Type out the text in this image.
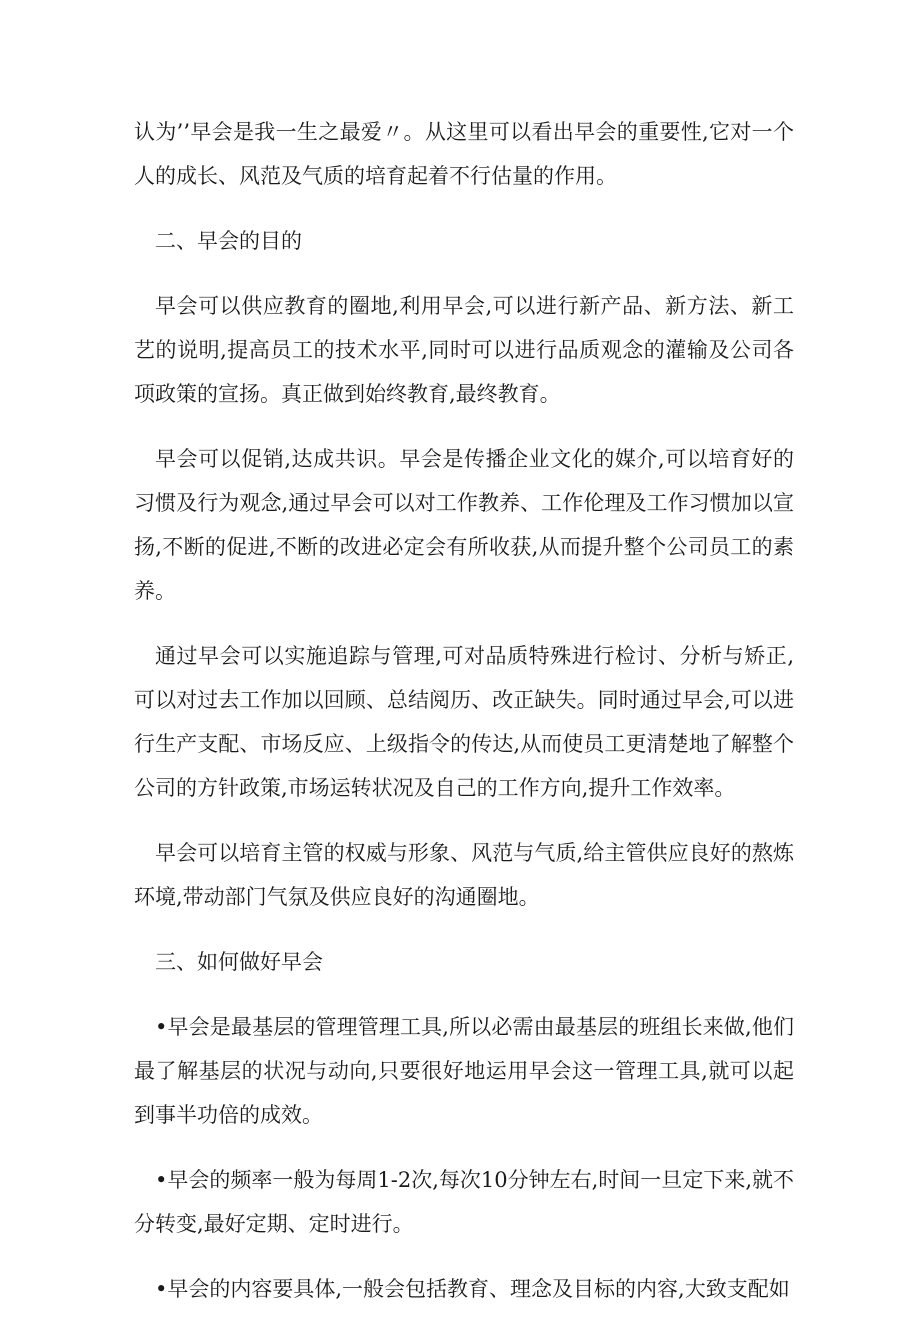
认为’’早会是我一生之最爱〃。从这里可以看出早会的重要性,它对一个人的成长、风范及气质的培育起着不行估量的作用。

二、早会的目的

早会可以供应教育的圈地,利用早会,可以进行新产品、新方法、新工艺的说明,提高员工的技术水平,同时可以进行品质观念的灌输及公司各项政策的宣扬。真正做到始终教育,最终教育。

早会可以促销,达成共识。早会是传播企业文化的媒介,可以培育好的习惯及行为观念,通过早会可以对工作教养、工作伦理及工作习惯加以宣扬,不断的促进,不断的改进必定会有所收获,从而提升整个公司员工的素养。

通过早会可以实施追踪与管理,可对品质特殊进行检讨、分析与矫正,可以对过去工作加以回顾、总结阅历、改正缺失。同时通过早会,可以进行生产支配、市场反应、上级指令的传达,从而使员工更清楚地了解整个公司的方针政策,市场运转状况及自己的工作方向,提升工作效率。

早会可以培育主管的权威与形象、风范与气质,给主管供应良好的熬炼环境,带动部门气氛及供应良好的沟通圈地。

三、如何做好早会

•早会是最基层的管理管理工具,所以必需由最基层的班组长来做,他们最了解基层的状况与动向,只要很好地运用早会这一管理工具,就可以起到事半功倍的成效。

•早会的频率一般为每周1-2次,每次10分钟左右,时间一旦定下来,就不分转变,最好定期、定时进行。

•早会的内容要具体,一般会包括教育、理念及目标的内容,大致支配如
